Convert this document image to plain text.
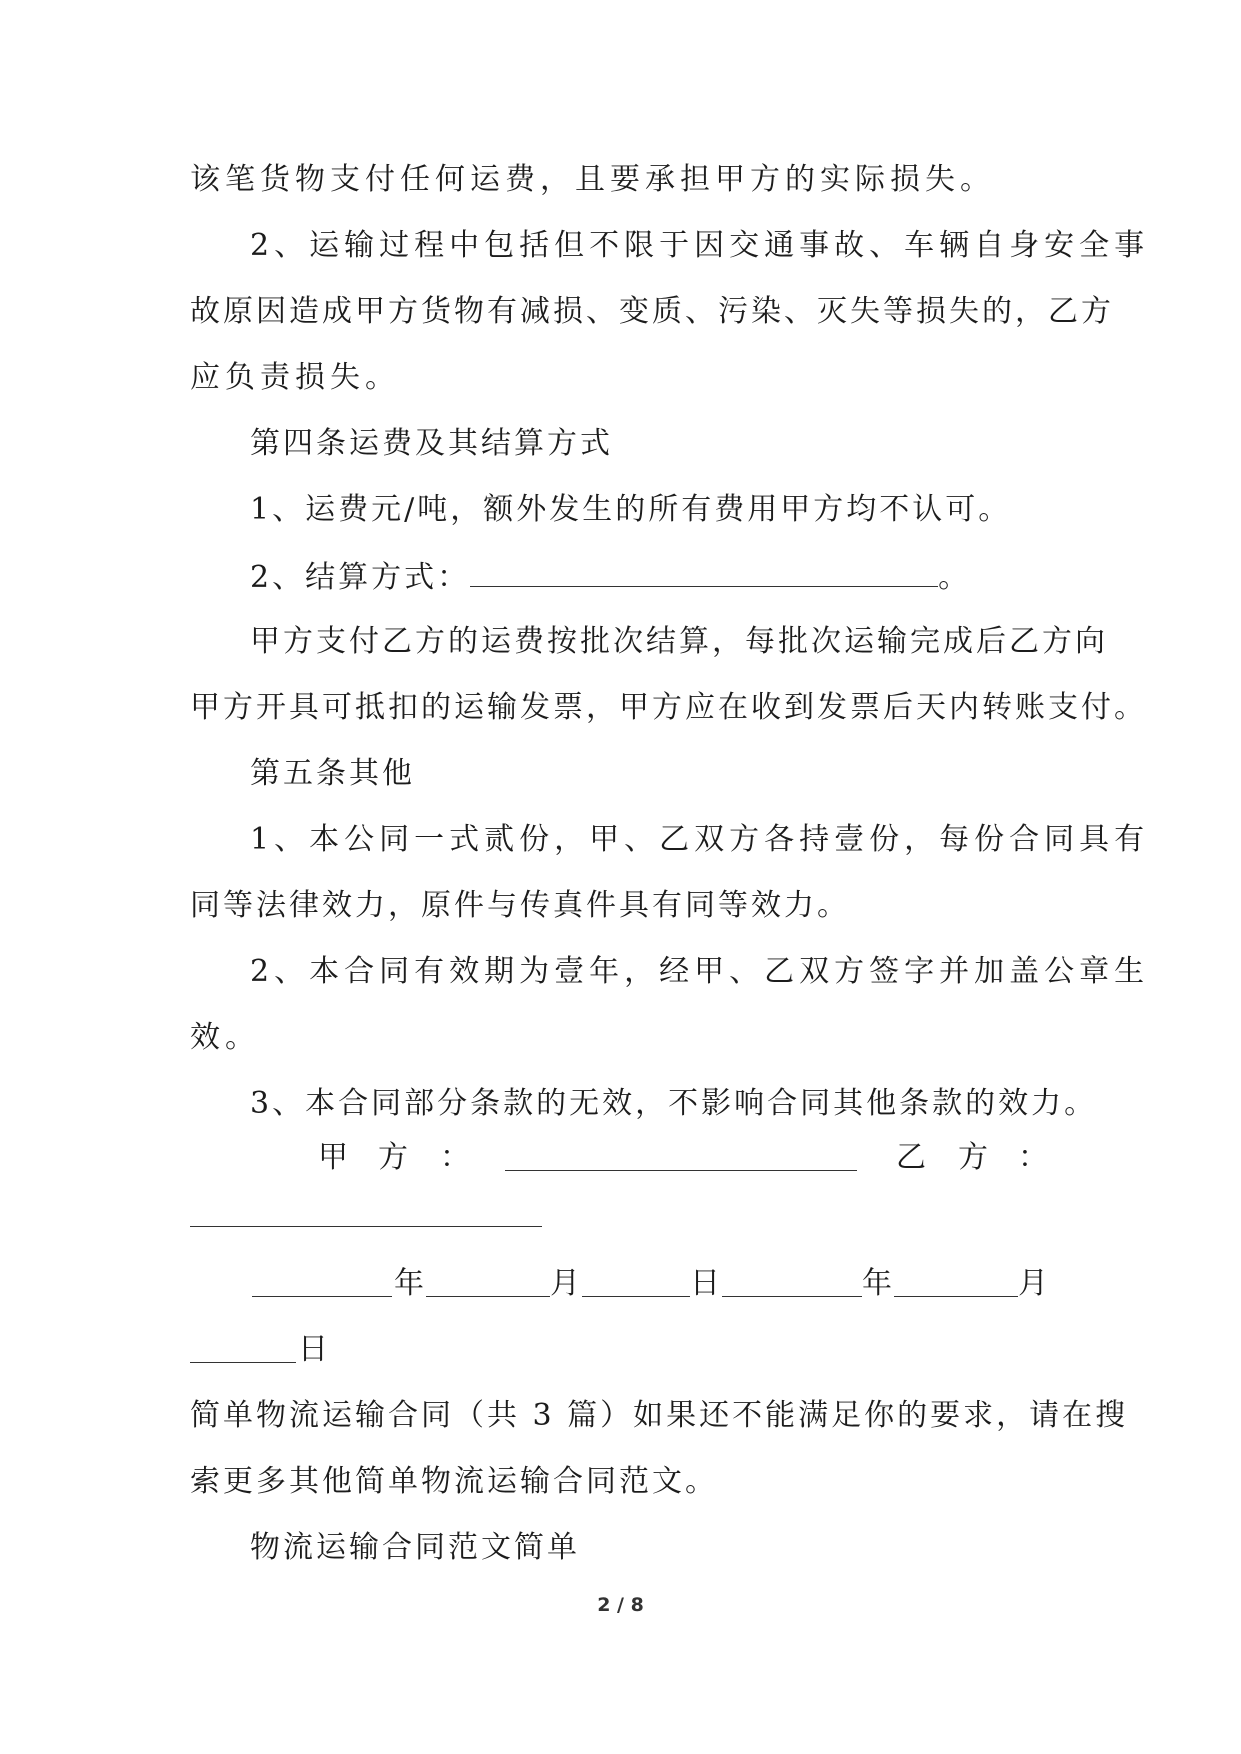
该笔货物支付任何运费，且要承担甲方的实际损失。
2、运输过程中包括但不限于因交通事故、车辆自身安全事
故原因造成甲方货物有减损、变质、污染、灭失等损失的，乙方
应负责损失。
第四条运费及其结算方式
1、运费元/吨，额外发生的所有费用甲方均不认可。
2、结算方式：	。
甲方支付乙方的运费按批次结算，每批次运输完成后乙方向
甲方开具可抵扣的运输发票，甲方应在收到发票后天内转账支付。
第五条其他
1、本公同一式贰份，甲、乙双方各持壹份，每份合同具有
同等法律效力，原件与传真件具有同等效力。
2、本合同有效期为壹年，经甲、乙双方签字并加盖公章生
效。
3、本合同部分条款的无效，不影响合同其他条款的效力。
甲 方 ：	乙 方 ：
年	月	日	年	月
日
简单物流运输合同（共 3 篇）如果还不能满足你的要求，请在搜
索更多其他简单物流运输合同范文。
物流运输合同范文简单
2 / 8
